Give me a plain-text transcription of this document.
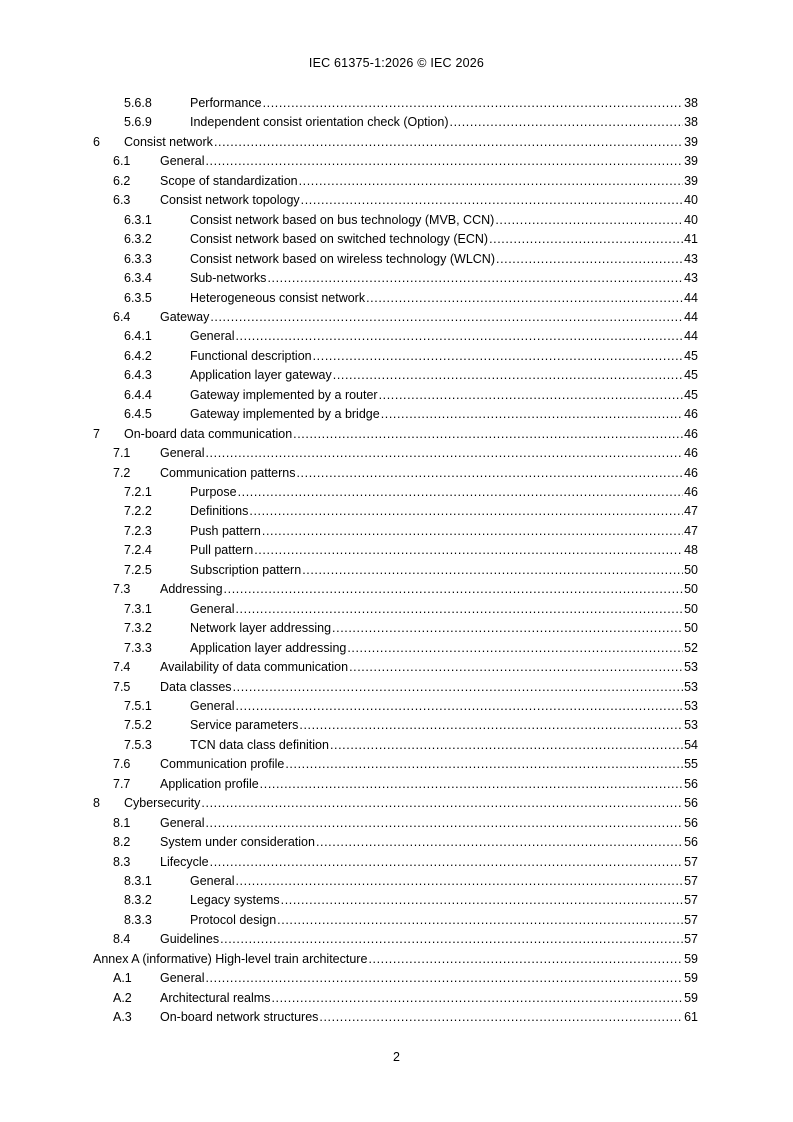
IEC 61375-1:2026 © IEC 2026
5.6.8	Performance .....	38
5.6.9	Independent consist orientation check (Option) .....	38
6 Consist network .....	39
6.1 General .....	39
6.2 Scope of standardization .....	39
6.3 Consist network topology .....	40
6.3.1	Consist network based on bus technology (MVB, CCN) .....	40
6.3.2	Consist network based on switched technology (ECN) .....	41
6.3.3	Consist network based on wireless technology (WLCN) .....	43
6.3.4	Sub-networks .....	43
6.3.5	Heterogeneous consist network .....	44
6.4 Gateway .....	44
6.4.1	General .....	44
6.4.2	Functional description .....	45
6.4.3	Application layer gateway .....	45
6.4.4	Gateway implemented by a router .....	45
6.4.5	Gateway implemented by a bridge .....	46
7 On-board data communication .....	46
7.1 General .....	46
7.2 Communication patterns .....	46
7.2.1	Purpose .....	46
7.2.2	Definitions .....	47
7.2.3	Push pattern .....	47
7.2.4	Pull pattern .....	48
7.2.5	Subscription pattern .....	50
7.3 Addressing .....	50
7.3.1	General .....	50
7.3.2	Network layer addressing .....	50
7.3.3	Application layer addressing .....	52
7.4 Availability of data communication .....	53
7.5 Data classes .....	53
7.5.1	General .....	53
7.5.2	Service parameters .....	53
7.5.3	TCN data class definition .....	54
7.6 Communication profile .....	55
7.7 Application profile .....	56
8 Cybersecurity .....	56
8.1 General .....	56
8.2 System under consideration .....	56
8.3 Lifecycle .....	57
8.3.1	General .....	57
8.3.2	Legacy systems .....	57
8.3.3	Protocol design .....	57
8.4 Guidelines .....	57
Annex A (informative) High-level train architecture .....	59
A.1 General .....	59
A.2 Architectural realms .....	59
A.3 On-board network structures .....	61
2
